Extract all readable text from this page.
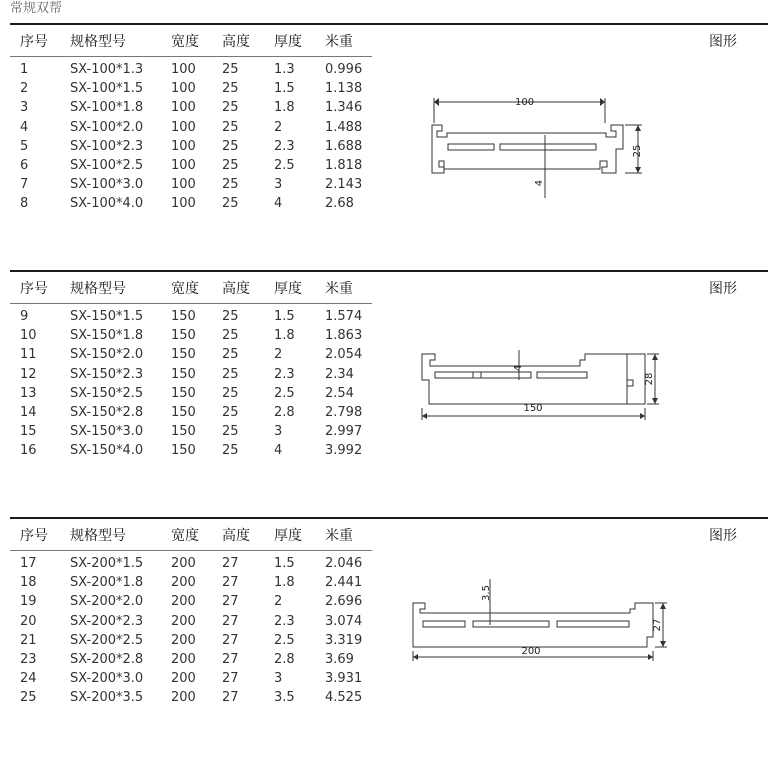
常规双帮
序号 规格型号	宽度 高度 厚度 米重	图形
1	SX-100*1.3 100 25	1.3 0.996
2	SX-100*1.5 100 25	1.5 1.138
3	SX-100*1.8 100 25	1.8 1.346
4	SX-100*2.0 100 25	2	1.488
5	SX-100*2.3 100 25	2.3 1.688
6	SX-100*2.5 100 25	2.5 1.818
7	SX-100*3.0 100 25	3	2.143
8	SX-100*4.0 100 25	4	2.68
100
25
4
序号 规格型号	宽度 高度 厚度 米重	图形
9	SX-150*1.5 150 25	1.5 1.574
10	SX-150*1.8 150 25	1.8 1.863
11	SX-150*2.0 150 25	2	2.054
12	SX-150*2.3 150 25	2.3 2.34
13	SX-150*2.5 150 25	2.5 2.54
14	SX-150*2.8 150 25	2.8 2.798
15	SX-150*3.0 150 25	3	2.997
16	SX-150*4.0 150 25	4	3.992
4
28
150
序号 规格型号	宽度 高度 厚度 米重	图形
17	SX-200*1.5 200 27	1.5 2.046
18	SX-200*1.8 200 27	1.8 2.441
19	SX-200*2.0 200 27	2	2.696
20	SX-200*2.3 200 27	2.3 3.074
21	SX-200*2.5 200 27	2.5 3.319
23	SX-200*2.8 200 27	2.8 3.69
24	SX-200*3.0 200 27	3	3.931
25	SX-200*3.5 200 27	3.5 4.525
3.5
27
200
